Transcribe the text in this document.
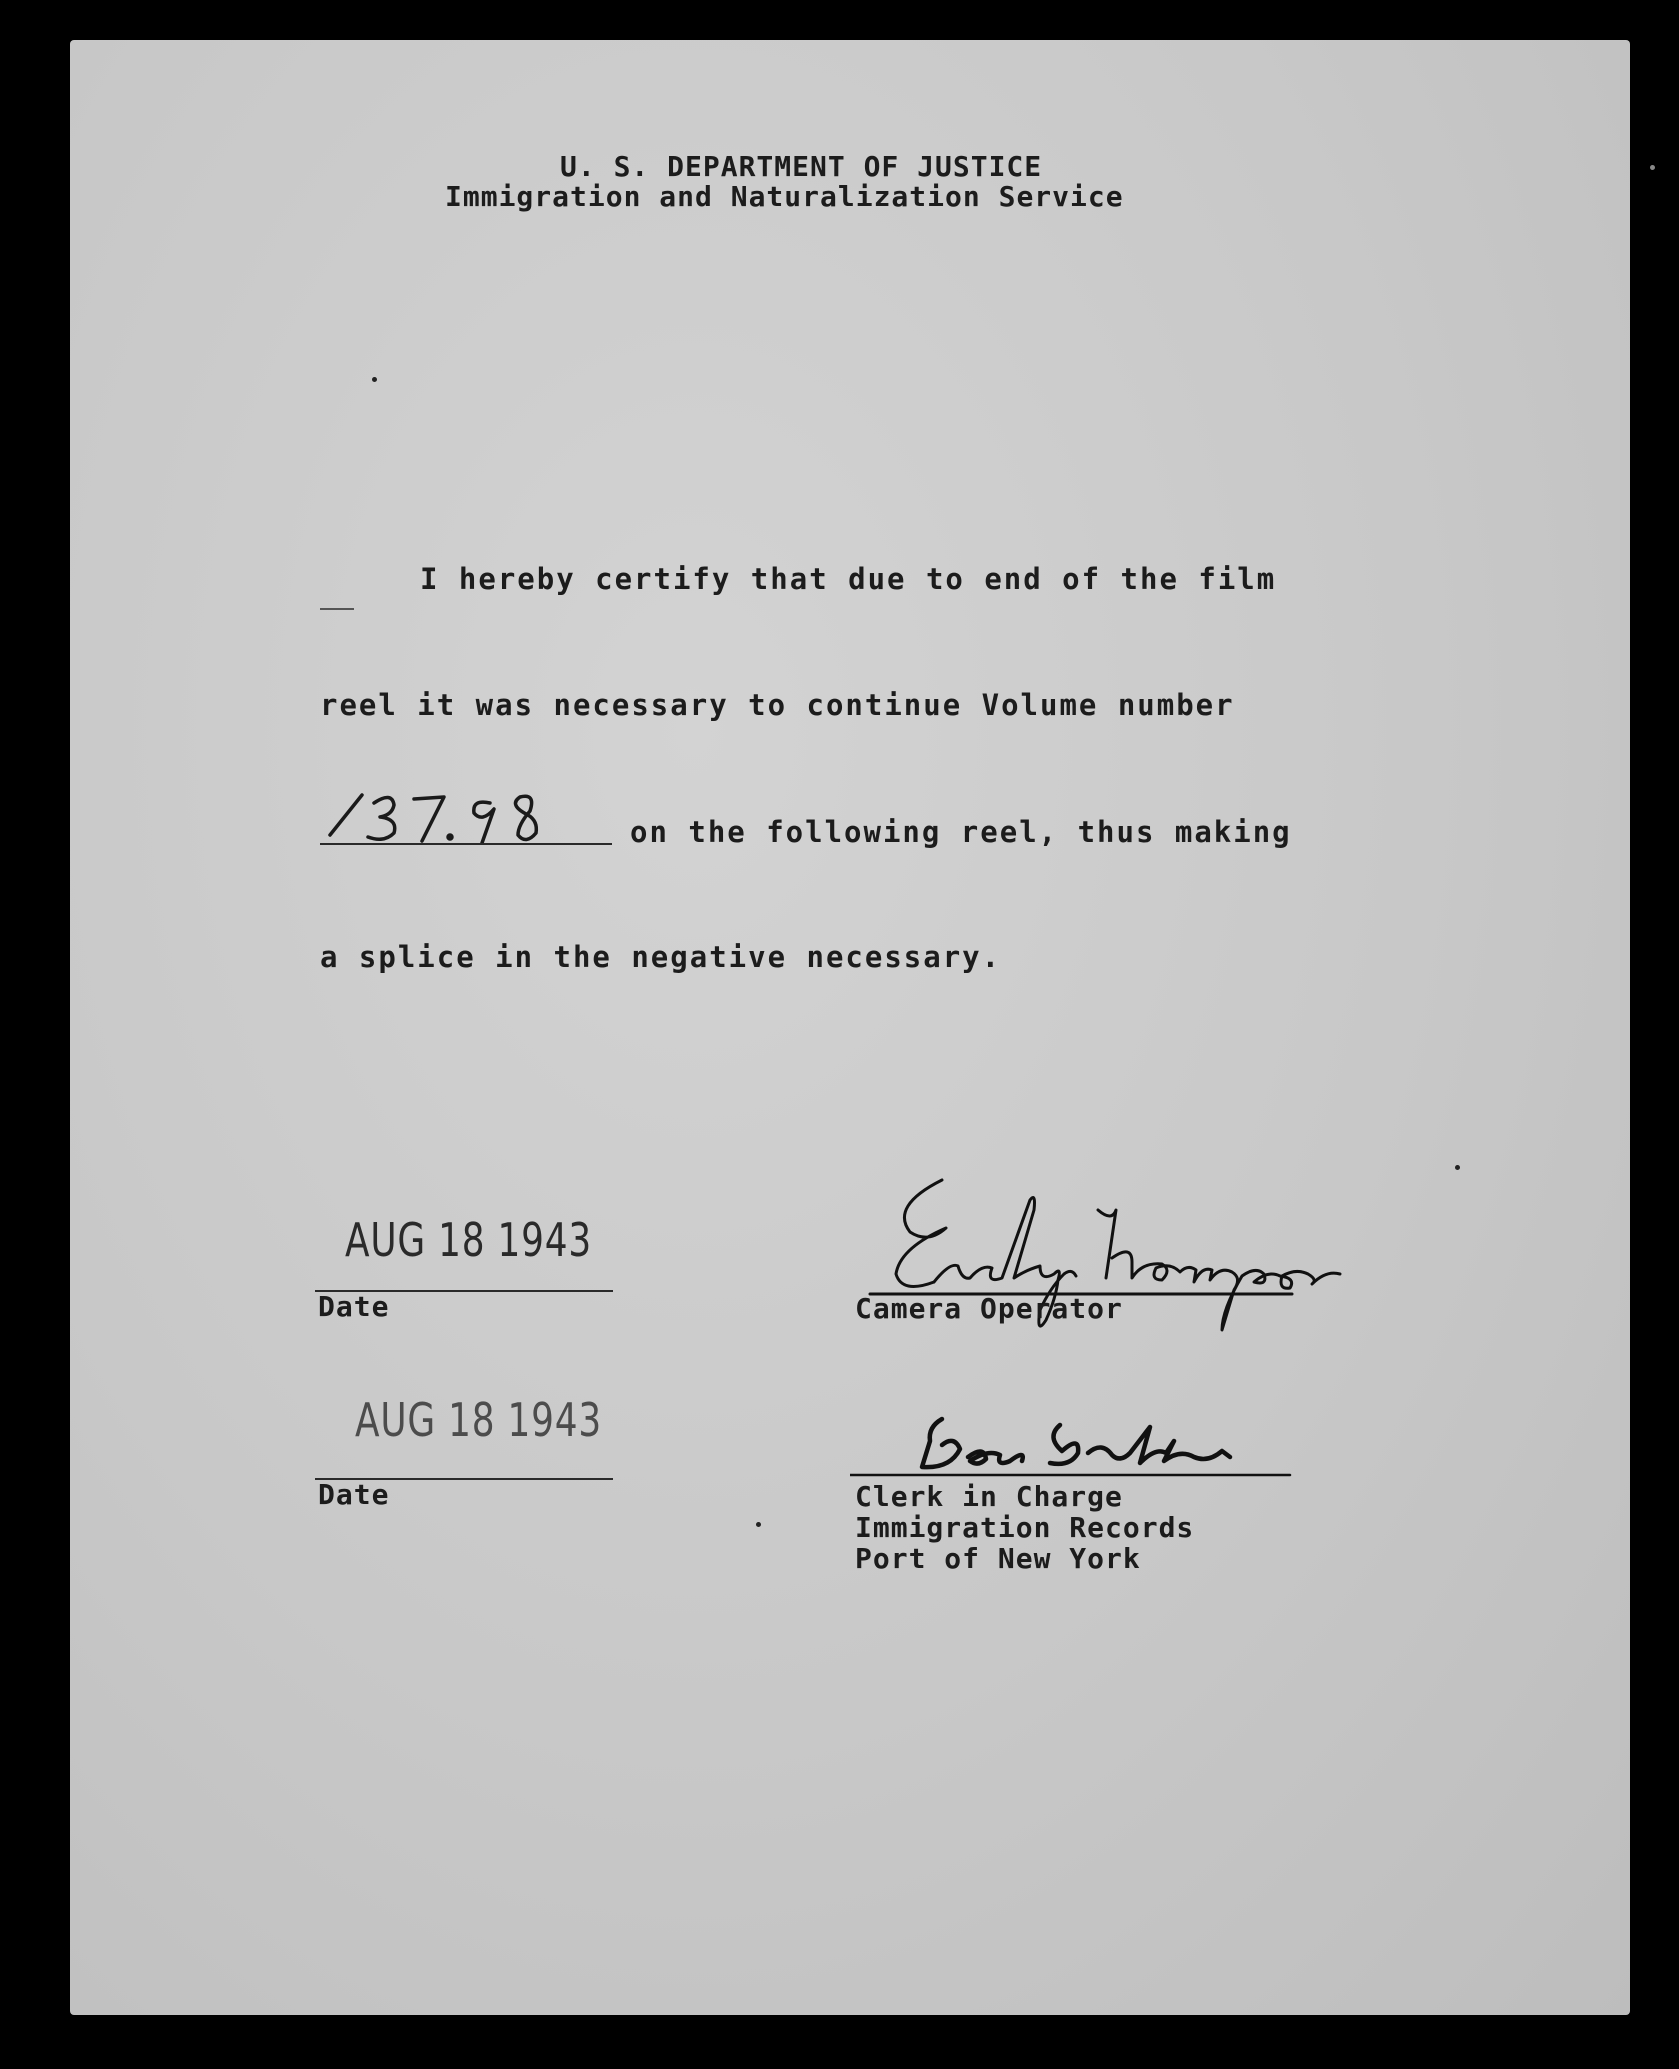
U. S. DEPARTMENT OF JUSTICE
Immigration and Naturalization Service
I hereby certify that due to end of the film
reel it was necessary to continue Volume number
on the following reel, thus making
a splice in the negative necessary.
AUG 18 1943
Date	Camera Operator
AUG 18 1943
Date	Clerk in Charge
Immigration Records
Port of New York
